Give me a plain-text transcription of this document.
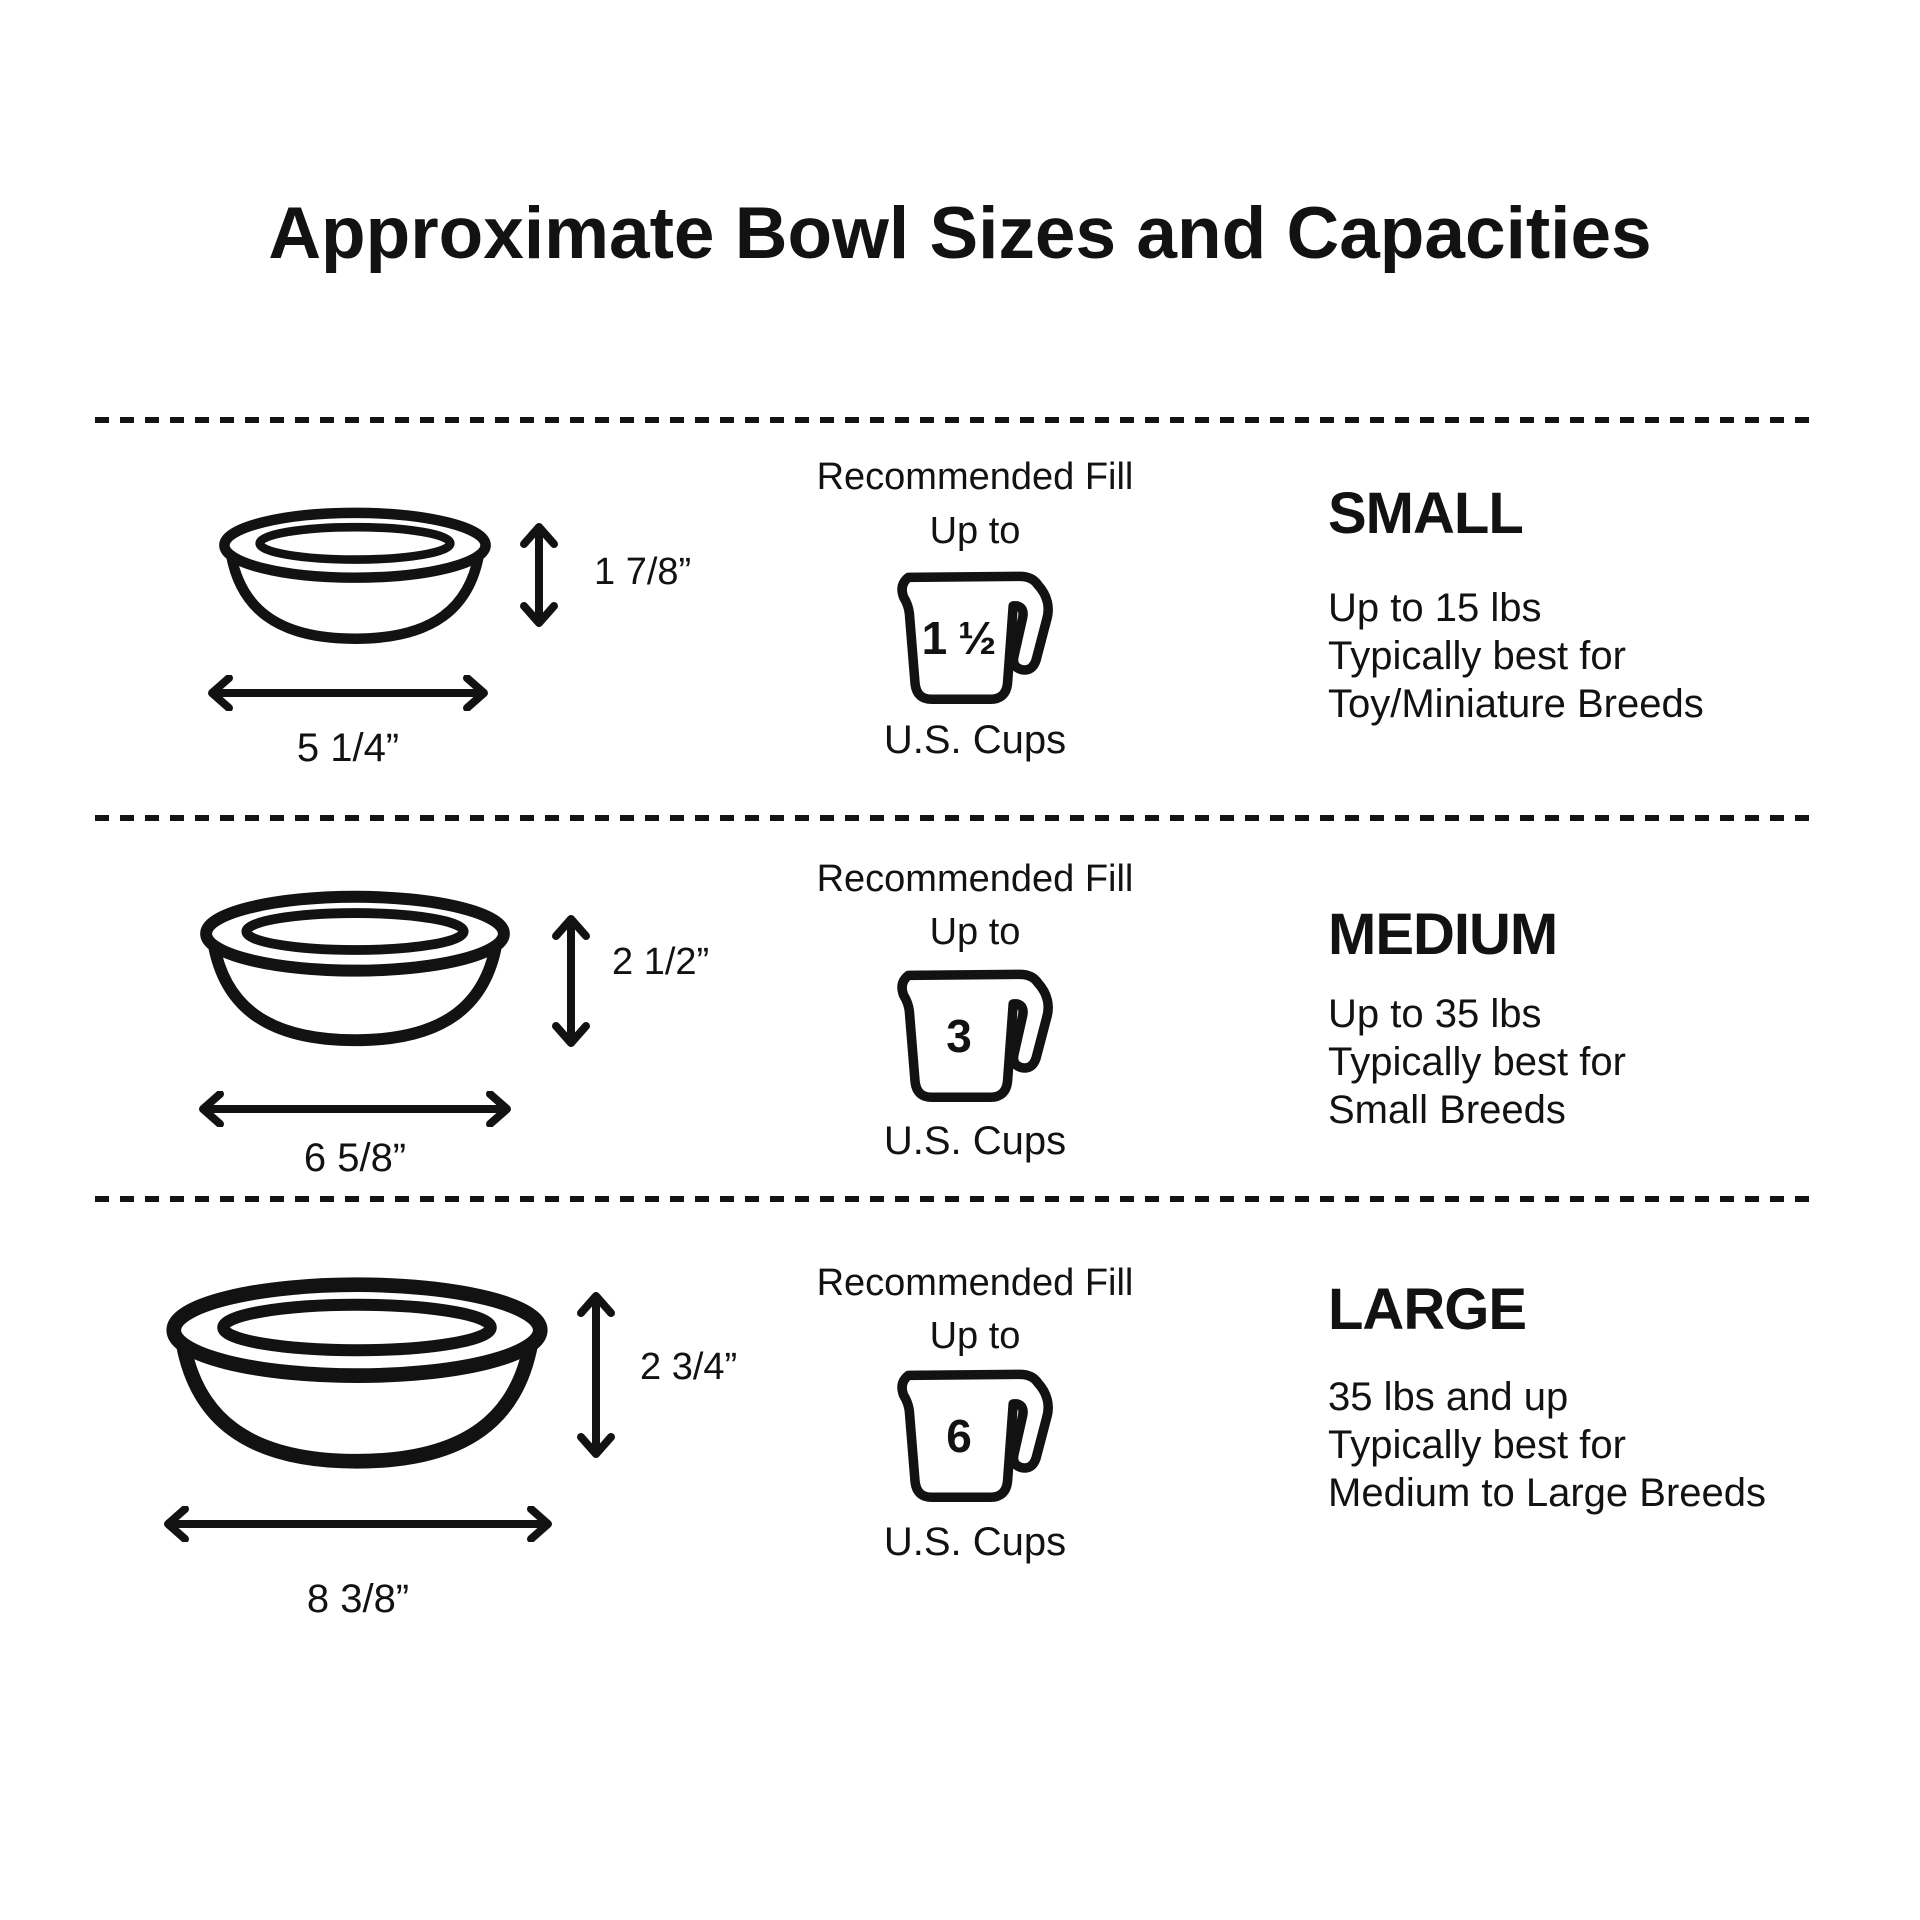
Approximate Bowl Sizes and Capacities
1 7/8”
5 1/4”
Recommended Fill
Up to
1 ½
U.S. Cups
SMALL
Up to 15 lbs
Typically best for
Toy/Miniature Breeds
2 1/2”
6 5/8”
Recommended Fill
Up to
3
U.S. Cups
MEDIUM
Up to 35 lbs
Typically best for
Small Breeds
2 3/4”
8 3/8”
Recommended Fill
Up to
6
U.S. Cups
LARGE
35 lbs and up
Typically best for
Medium to Large Breeds
